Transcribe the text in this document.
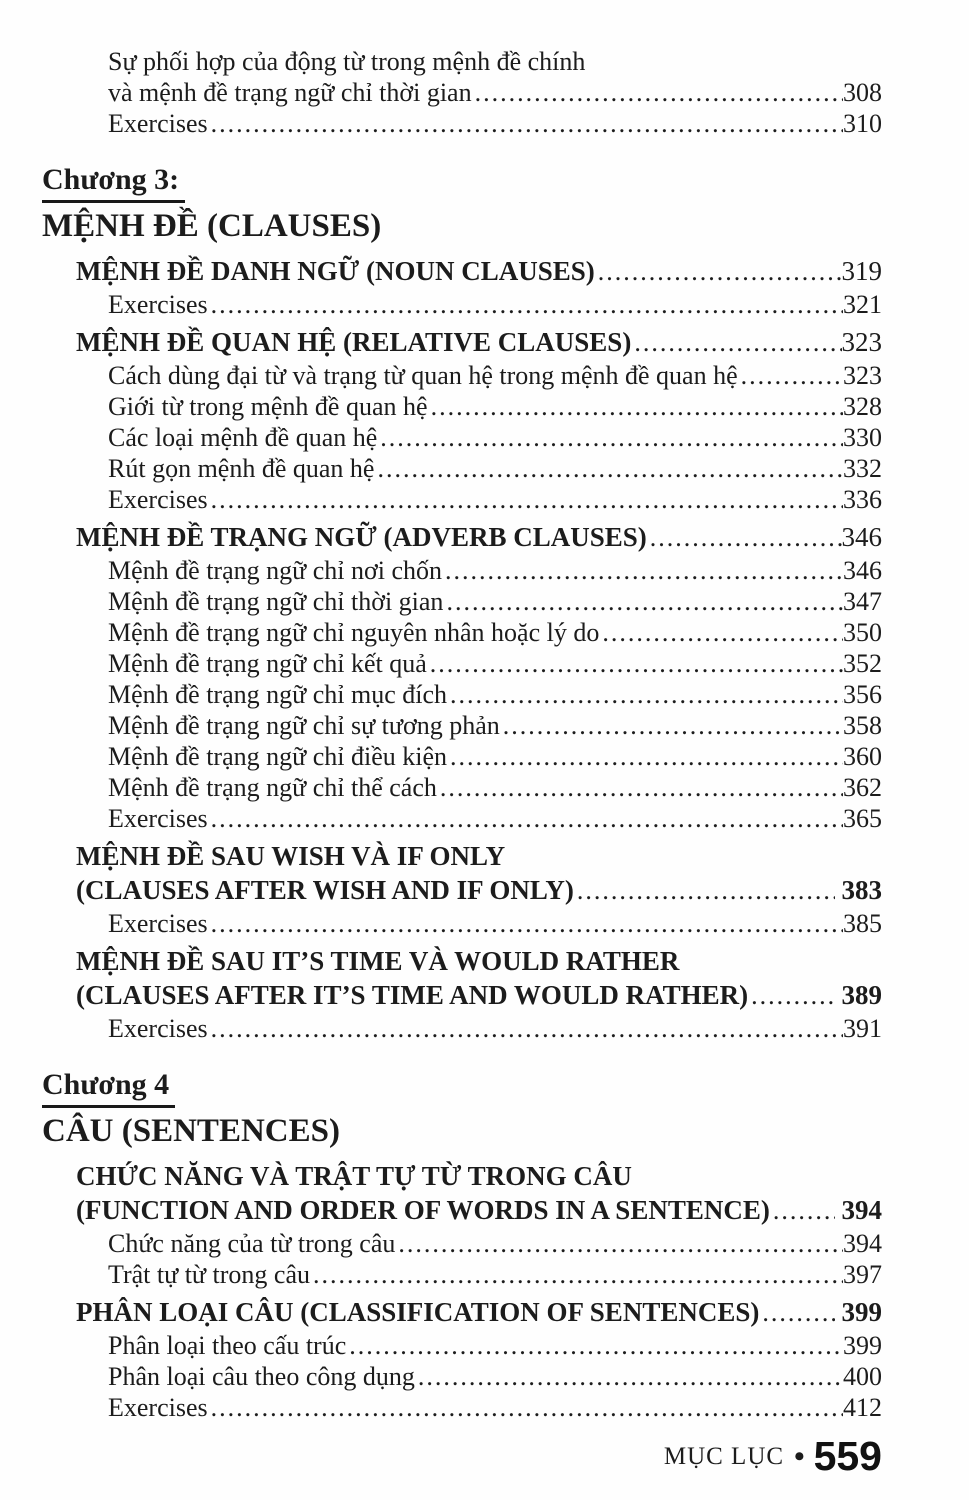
Sự phối hợp của động từ trong mệnh đề chính
và mệnh đề trạng ngữ chỉ thời gian .....	308
Exercises .....	310
Chương 3:
MỆNH ĐỀ (CLAUSES)
MỆNH ĐỀ DANH NGỮ (NOUN CLAUSES) .....	319
Exercises .....	321
MỆNH ĐỀ QUAN HỆ (RELATIVE CLAUSES) .....	323
Cách dùng đại từ và trạng từ quan hệ trong mệnh đề quan hệ .....	323
Giới từ trong mệnh đề quan hệ .....	328
Các loại mệnh đề quan hệ .....	330
Rút gọn mệnh đề quan hệ .....	332
Exercises .....	336
MỆNH ĐỀ TRẠNG NGỮ (ADVERB CLAUSES) .....	346
Mệnh đề trạng ngữ chỉ nơi chốn .....	346
Mệnh đề trạng ngữ chỉ thời gian .....	347
Mệnh đề trạng ngữ chỉ nguyên nhân hoặc lý do .....	350
Mệnh đề trạng ngữ chỉ kết quả .....	352
Mệnh đề trạng ngữ chỉ mục đích .....	356
Mệnh đề trạng ngữ chỉ sự tương phản .....	358
Mệnh đề trạng ngữ chỉ điều kiện .....	360
Mệnh đề trạng ngữ chỉ thể cách .....	362
Exercises .....	365
MỆNH ĐỀ SAU WISH VÀ IF ONLY
(CLAUSES AFTER WISH AND IF ONLY) .....	383
Exercises .....	385
MỆNH ĐỀ SAU IT’S TIME VÀ WOULD RATHER
(CLAUSES AFTER IT’S TIME AND WOULD RATHER) .....	389
Exercises .....	391
Chương 4
CÂU (SENTENCES)
CHỨC NĂNG VÀ TRẬT TỰ TỪ TRONG CÂU
(FUNCTION AND ORDER OF WORDS IN A SENTENCE) .....	394
Chức năng của từ trong câu .....	394
Trật tự từ trong câu .....	397
PHÂN LOẠI CÂU (CLASSIFICATION OF SENTENCES) .....	399
Phân loại theo cấu trúc .....	399
Phân loại câu theo công dụng .....	400
Exercises .....	412
MỤC LỤC • 559
